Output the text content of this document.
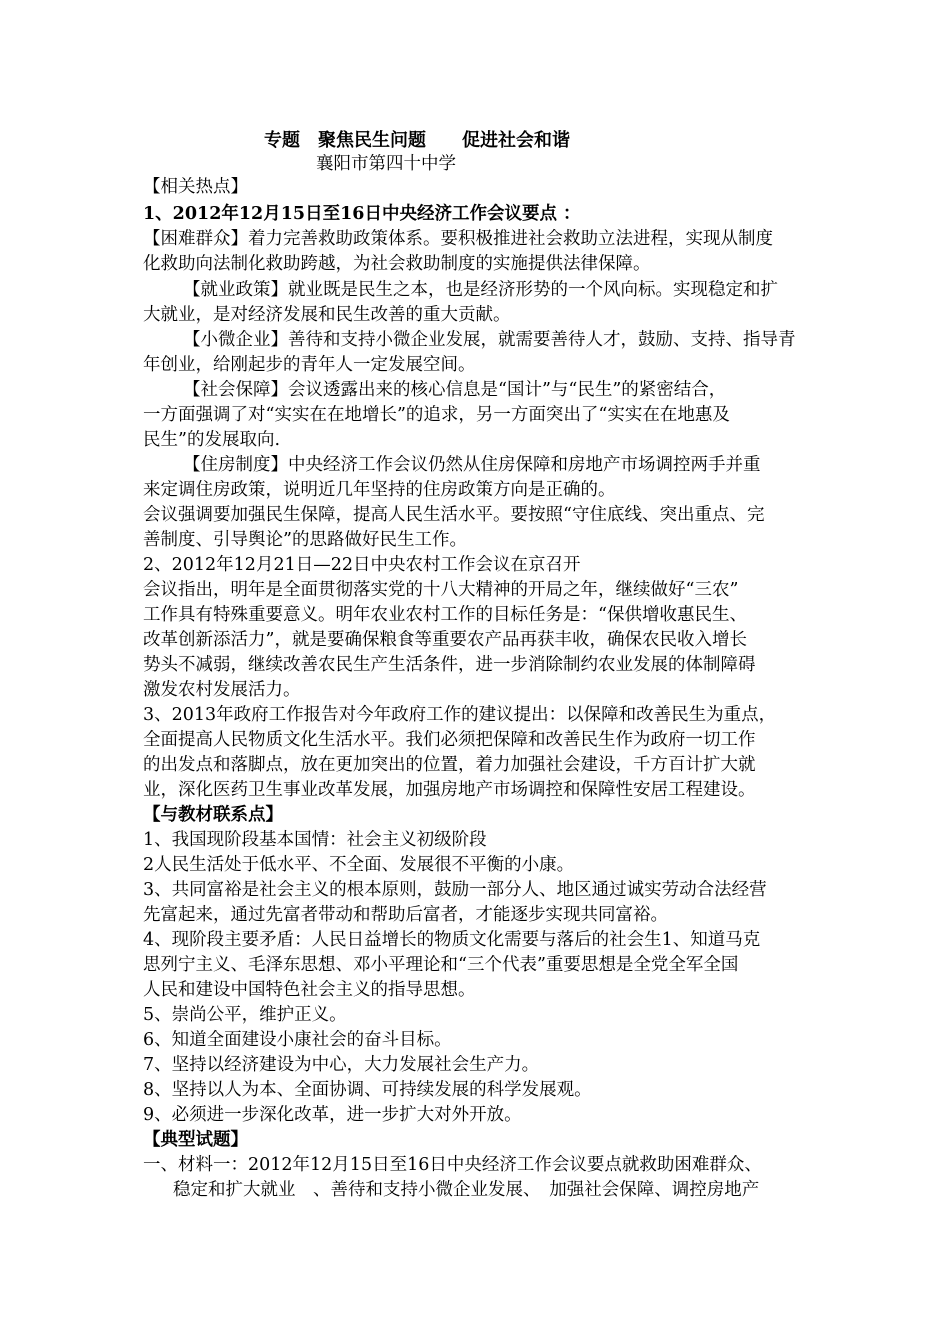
专题　聚焦民生问题　　促进社会和谐
襄阳市第四十中学
【相关热点】
1、2012年12月15日至16日中央经济工作会议要点 ：
【困难群众】着力完善救助政策体系。要积极推进社会救助立法进程，实现从制度
化救助向法制化救助跨越，为社会救助制度的实施提供法律保障。
【就业政策】就业既是民生之本，也是经济形势的一个风向标。实现稳定和扩
大就业，是对经济发展和民生改善的重大贡献。
【小微企业】善待和支持小微企业发展，就需要善待人才，鼓励、支持、指导青
年创业，给刚起步的青年人一定发展空间。
【社会保障】会议透露出来的核心信息是“国计”与“民生”的紧密结合，
一方面强调了对“实实在在地增长”的追求，另一方面突出了“实实在在地惠及
民生”的发展取向.
【住房制度】中央经济工作会议仍然从住房保障和房地产市场调控两手并重
来定调住房政策，说明近几年坚持的住房政策方向是正确的。
会议强调要加强民生保障，提高人民生活水平。要按照“守住底线、突出重点、完
善制度、引导舆论”的思路做好民生工作。
2、2012年12月21日—22日中央农村工作会议在京召开
会议指出，明年是全面贯彻落实党的十八大精神的开局之年，继续做好“三农”
工作具有特殊重要意义。明年农业农村工作的目标任务是：“保供增收惠民生、
改革创新添活力”，就是要确保粮食等重要农产品再获丰收，确保农民收入增长
势头不减弱，继续改善农民生产生活条件，进一步消除制约农业发展的体制障碍
激发农村发展活力。
3、2013年政府工作报告对今年政府工作的建议提出：以保障和改善民生为重点，
全面提高人民物质文化生活水平。我们必须把保障和改善民生作为政府一切工作
的出发点和落脚点，放在更加突出的位置，着力加强社会建设，千方百计扩大就
业，深化医药卫生事业改革发展，加强房地产市场调控和保障性安居工程建设。
【与教材联系点】
1、我国现阶段基本国情：社会主义初级阶段
2人民生活处于低水平、不全面、发展很不平衡的小康。
3、共同富裕是社会主义的根本原则，鼓励一部分人、地区通过诚实劳动合法经营
先富起来，通过先富者带动和帮助后富者，才能逐步实现共同富裕。
4、现阶段主要矛盾：人民日益增长的物质文化需要与落后的社会生1、知道马克
思列宁主义、毛泽东思想、邓小平理论和“三个代表”重要思想是全党全军全国
人民和建设中国特色社会主义的指导思想。
5、崇尚公平，维护正义。
6、知道全面建设小康社会的奋斗目标。
7、坚持以经济建设为中心，大力发展社会生产力。
8、坚持以人为本、全面协调、可持续发展的科学发展观。
9、必须进一步深化改革，进一步扩大对外开放。
【典型试题】
一、材料一：2012年12月15日至16日中央经济工作会议要点就救助困难群众、
稳定和扩大就业　、善待和支持小微企业发展、　加强社会保障、调控房地产
